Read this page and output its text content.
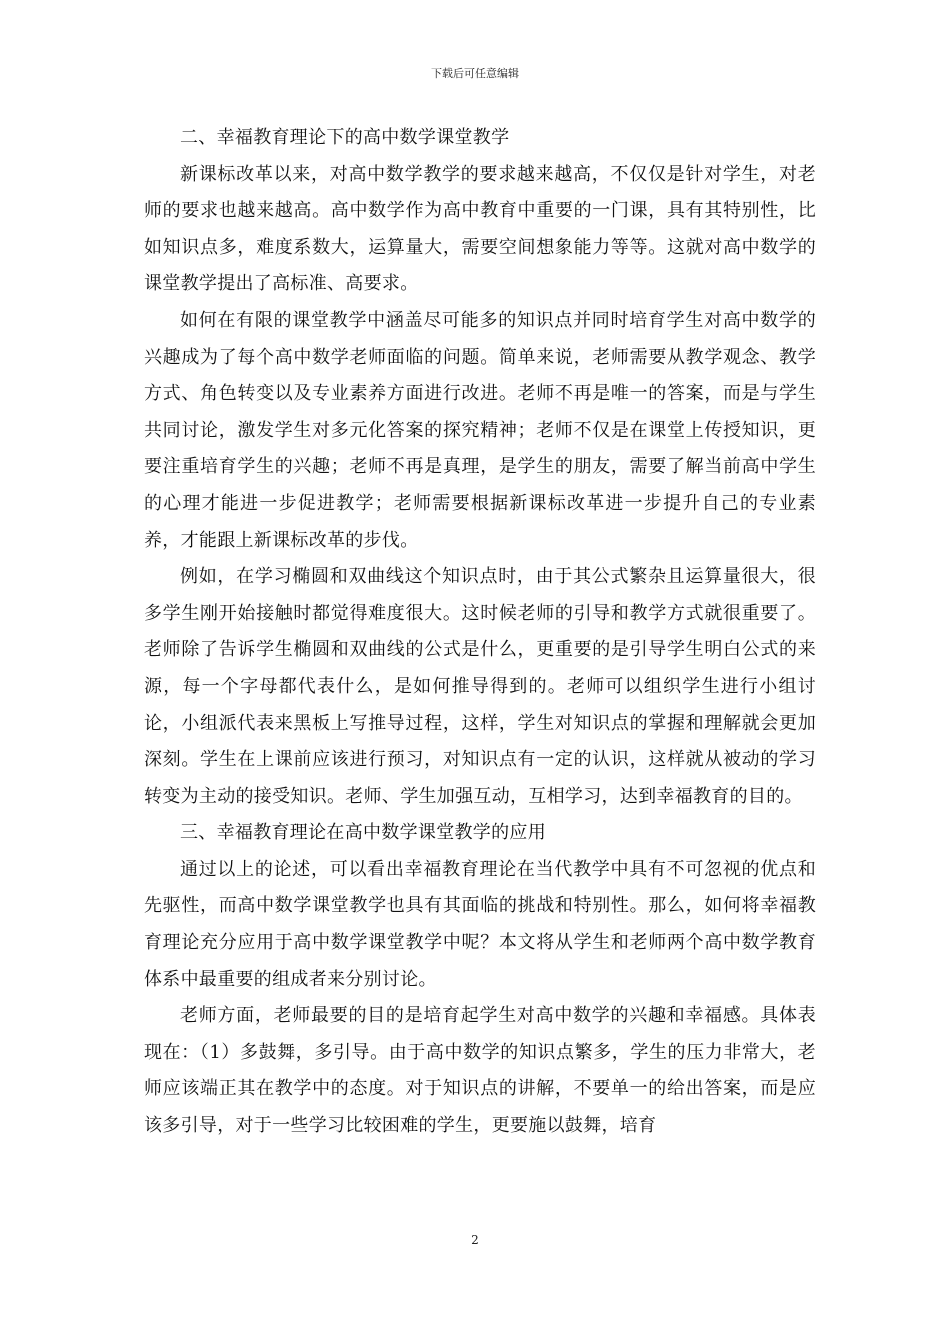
下载后可任意编辑

二、幸福教育理论下的高中数学课堂教学

新课标改革以来，对高中数学教学的要求越来越高，不仅仅是针对学生，对老师的要求也越来越高。高中数学作为高中教育中重要的一门课，具有其特别性，比如知识点多，难度系数大，运算量大，需要空间想象能力等等。这就对高中数学的课堂教学提出了高标准、高要求。

如何在有限的课堂教学中涵盖尽可能多的知识点并同时培育学生对高中数学的兴趣成为了每个高中数学老师面临的问题。简单来说，老师需要从教学观念、教学方式、角色转变以及专业素养方面进行改进。老师不再是唯一的答案，而是与学生共同讨论，激发学生对多元化答案的探究精神；老师不仅是在课堂上传授知识，更要注重培育学生的兴趣；老师不再是真理，是学生的朋友，需要了解当前高中学生的心理才能进一步促进教学；老师需要根据新课标改革进一步提升自己的专业素养，才能跟上新课标改革的步伐。

例如，在学习椭圆和双曲线这个知识点时，由于其公式繁杂且运算量很大，很多学生刚开始接触时都觉得难度很大。这时候老师的引导和教学方式就很重要了。老师除了告诉学生椭圆和双曲线的公式是什么，更重要的是引导学生明白公式的来源，每一个字母都代表什么，是如何推导得到的。老师可以组织学生进行小组讨论，小组派代表来黑板上写推导过程，这样，学生对知识点的掌握和理解就会更加深刻。学生在上课前应该进行预习，对知识点有一定的认识，这样就从被动的学习转变为主动的接受知识。老师、学生加强互动，互相学习，达到幸福教育的目的。

三、幸福教育理论在高中数学课堂教学的应用

通过以上的论述，可以看出幸福教育理论在当代教学中具有不可忽视的优点和先驱性，而高中数学课堂教学也具有其面临的挑战和特别性。那么，如何将幸福教育理论充分应用于高中数学课堂教学中呢？本文将从学生和老师两个高中数学教育体系中最重要的组成者来分别讨论。

老师方面，老师最要的目的是培育起学生对高中数学的兴趣和幸福感。具体表现在：（1）多鼓舞，多引导。由于高中数学的知识点繁多，学生的压力非常大，老师应该端正其在教学中的态度。对于知识点的讲解，不要单一的给出答案，而是应该多引导，对于一些学习比较困难的学生，更要施以鼓舞，培育

2
